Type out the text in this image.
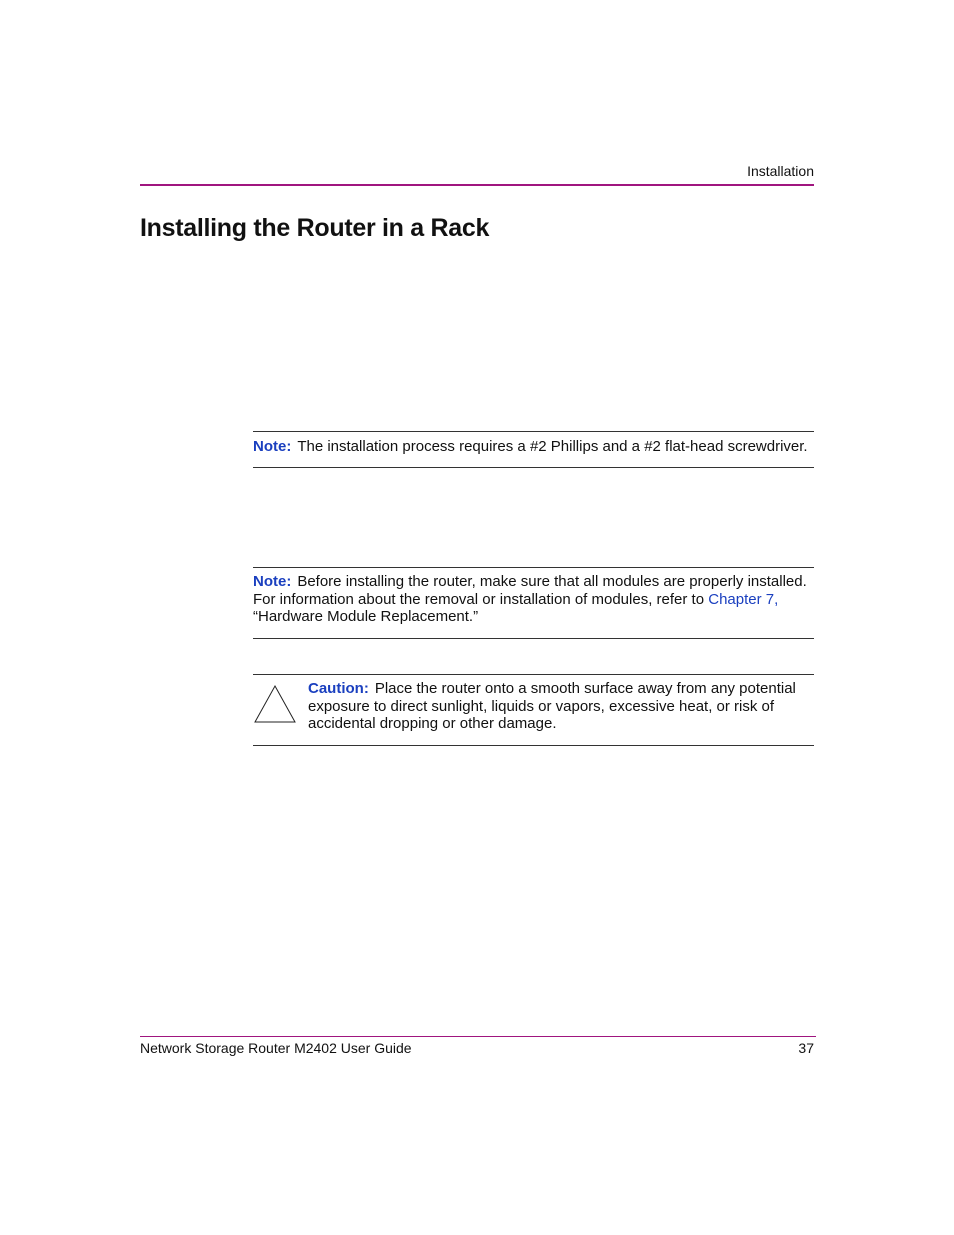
Installation
Installing the Router in a Rack
Note: The installation process requires a #2 Phillips and a #2 flat-head screwdriver.
Note: Before installing the router, make sure that all modules are properly installed. For information about the removal or installation of modules, refer to Chapter 7, “Hardware Module Replacement.”
Caution: Place the router onto a smooth surface away from any potential exposure to direct sunlight, liquids or vapors, excessive heat, or risk of accidental dropping or other damage.
Network Storage Router M2402 User Guide	37
